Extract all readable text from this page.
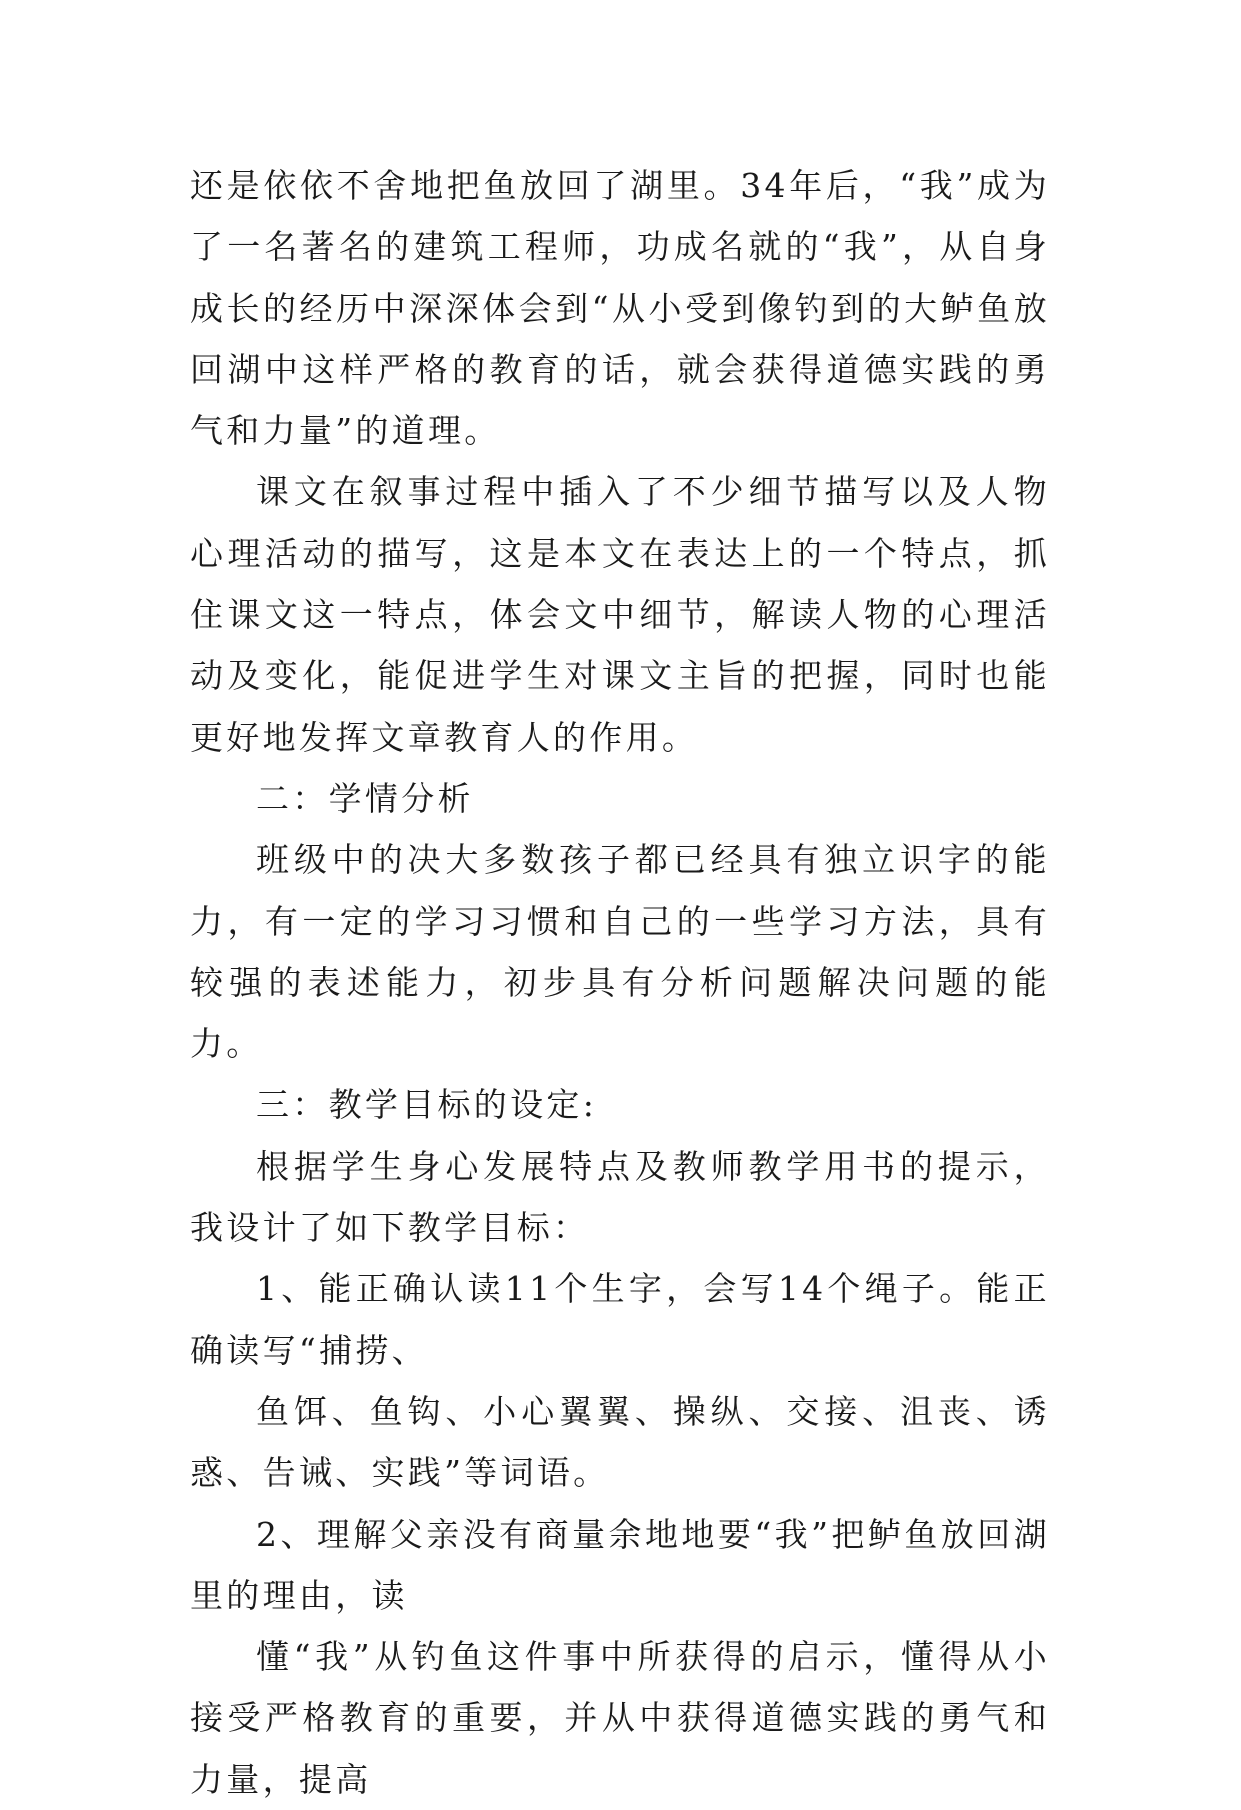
还是依依不舍地把鱼放回了湖里。34年后，“我”成为了一名著名的建筑工程师，功成名就的“我”，从自身成长的经历中深深体会到“从小受到像钓到的大鲈鱼放回湖中这样严格的教育的话，就会获得道德实践的勇气和力量”的道理。

课文在叙事过程中插入了不少细节描写以及人物心理活动的描写，这是本文在表达上的一个特点，抓住课文这一特点，体会文中细节，解读人物的心理活动及变化，能促进学生对课文主旨的把握，同时也能更好地发挥文章教育人的作用。

二：学情分析

班级中的决大多数孩子都已经具有独立识字的能力，有一定的学习习惯和自己的一些学习方法，具有较强的表述能力，初步具有分析问题解决问题的能力。

三：教学目标的设定:

根据学生身心发展特点及教师教学用书的提示，我设计了如下教学目标：

1、能正确认读11个生字，会写14个绳子。能正确读写“捕捞、

鱼饵、鱼钩、小心翼翼、操纵、交接、沮丧、诱惑、告诫、实践”等词语。

2、理解父亲没有商量余地地要“我”把鲈鱼放回湖里的理由，读

懂“我”从钓鱼这件事中所获得的启示，懂得从小接受严格教育的重要，并从中获得道德实践的勇气和力量，提高
